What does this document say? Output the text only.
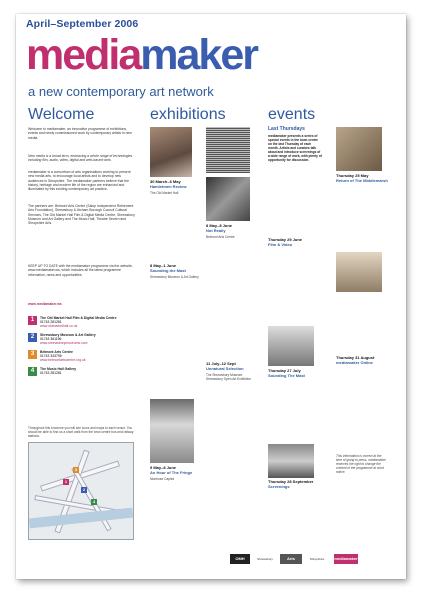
April–September 2006
mediamaker
a new contemporary art network
Welcome
Welcome to mediamaker, an innovative programme of exhibitions, events and newly commissioned work by contemporary artists in new media.
New media is a broad term, embracing a whole range of technologies including film, audio, video, digital and web-based work.
mediamaker is a consortium of arts organisations working to present new media arts, to encourage local artists and to develop new audiences in Shropshire. The mediamaker partners believe that the history, heritage and modern life of the region are enhanced and illuminated by this exciting contemporary art practice.
The partners are: Belmont Arts Centre (Salop Independent Retirement Arts Foundation), Shrewsbury & Atcham Borough Council Cultural Services, The Old Market Hall Film & Digital Media Centre, Shrewsbury Museum and Art Gallery and The Music Hall, Theatre Severn and Shropshire Arts.
KEEP UP TO DATE with the mediamaker programme via the website, www.mediamaker.ws, which includes all the latest programme information, news and opportunities.
www.mediamaker.ws
1	The Old Market Hall Film & Digital Media Centre
01743 281281
www.oldmarkethall.co.uk
2	Shrewsbury Museum & Art Gallery
01743 361196
www.shrewsburymuseums.com
3	Belmont Arts Centre
01743 343795
www.belmontartscentre.org.uk
4	The Music Hall Gallery
01743 281281
Throughout this brochure you will see icons and maps to each venue. You should be able to find us a short walk from the town centre bus and railway stations.
1
2
3
4
exhibitions
30 March–6 May
Hamletmen Review
The Old Market Hall
8 May–1 June
Sounding the Mast
Shrewsbury Museum & Art Gallery
9 May–8 June
An Hour of The Fringe
Montrose Capitol
8 May–8 June
Not Really
Belmont Arts Centre
11 July–12 Sept
Unnatural Selection
The Shrewsbury Museum Shrewsbury Open Art Exhibition
events
Last Thursdays
mediamaker presents a series of special events in the town centre on the last Thursday of each month. Artists and curators talk about and introduce screenings of a wide range of work, with plenty of opportunity for discussion.
Thursday 25 May
Return of The Middlemarsh
Thursday 29 June
Film & Video
Thursday 27 July
Sounding The Mast
Thursday 28 September
Screenings
Thursday 31 August
mediamaker Online
This information is correct at the time of going to press. mediamaker reserves the right to change the content of the programme at short notice.
OMH	Shrewsbury	Arts Council
Shropshire	mediamaker
